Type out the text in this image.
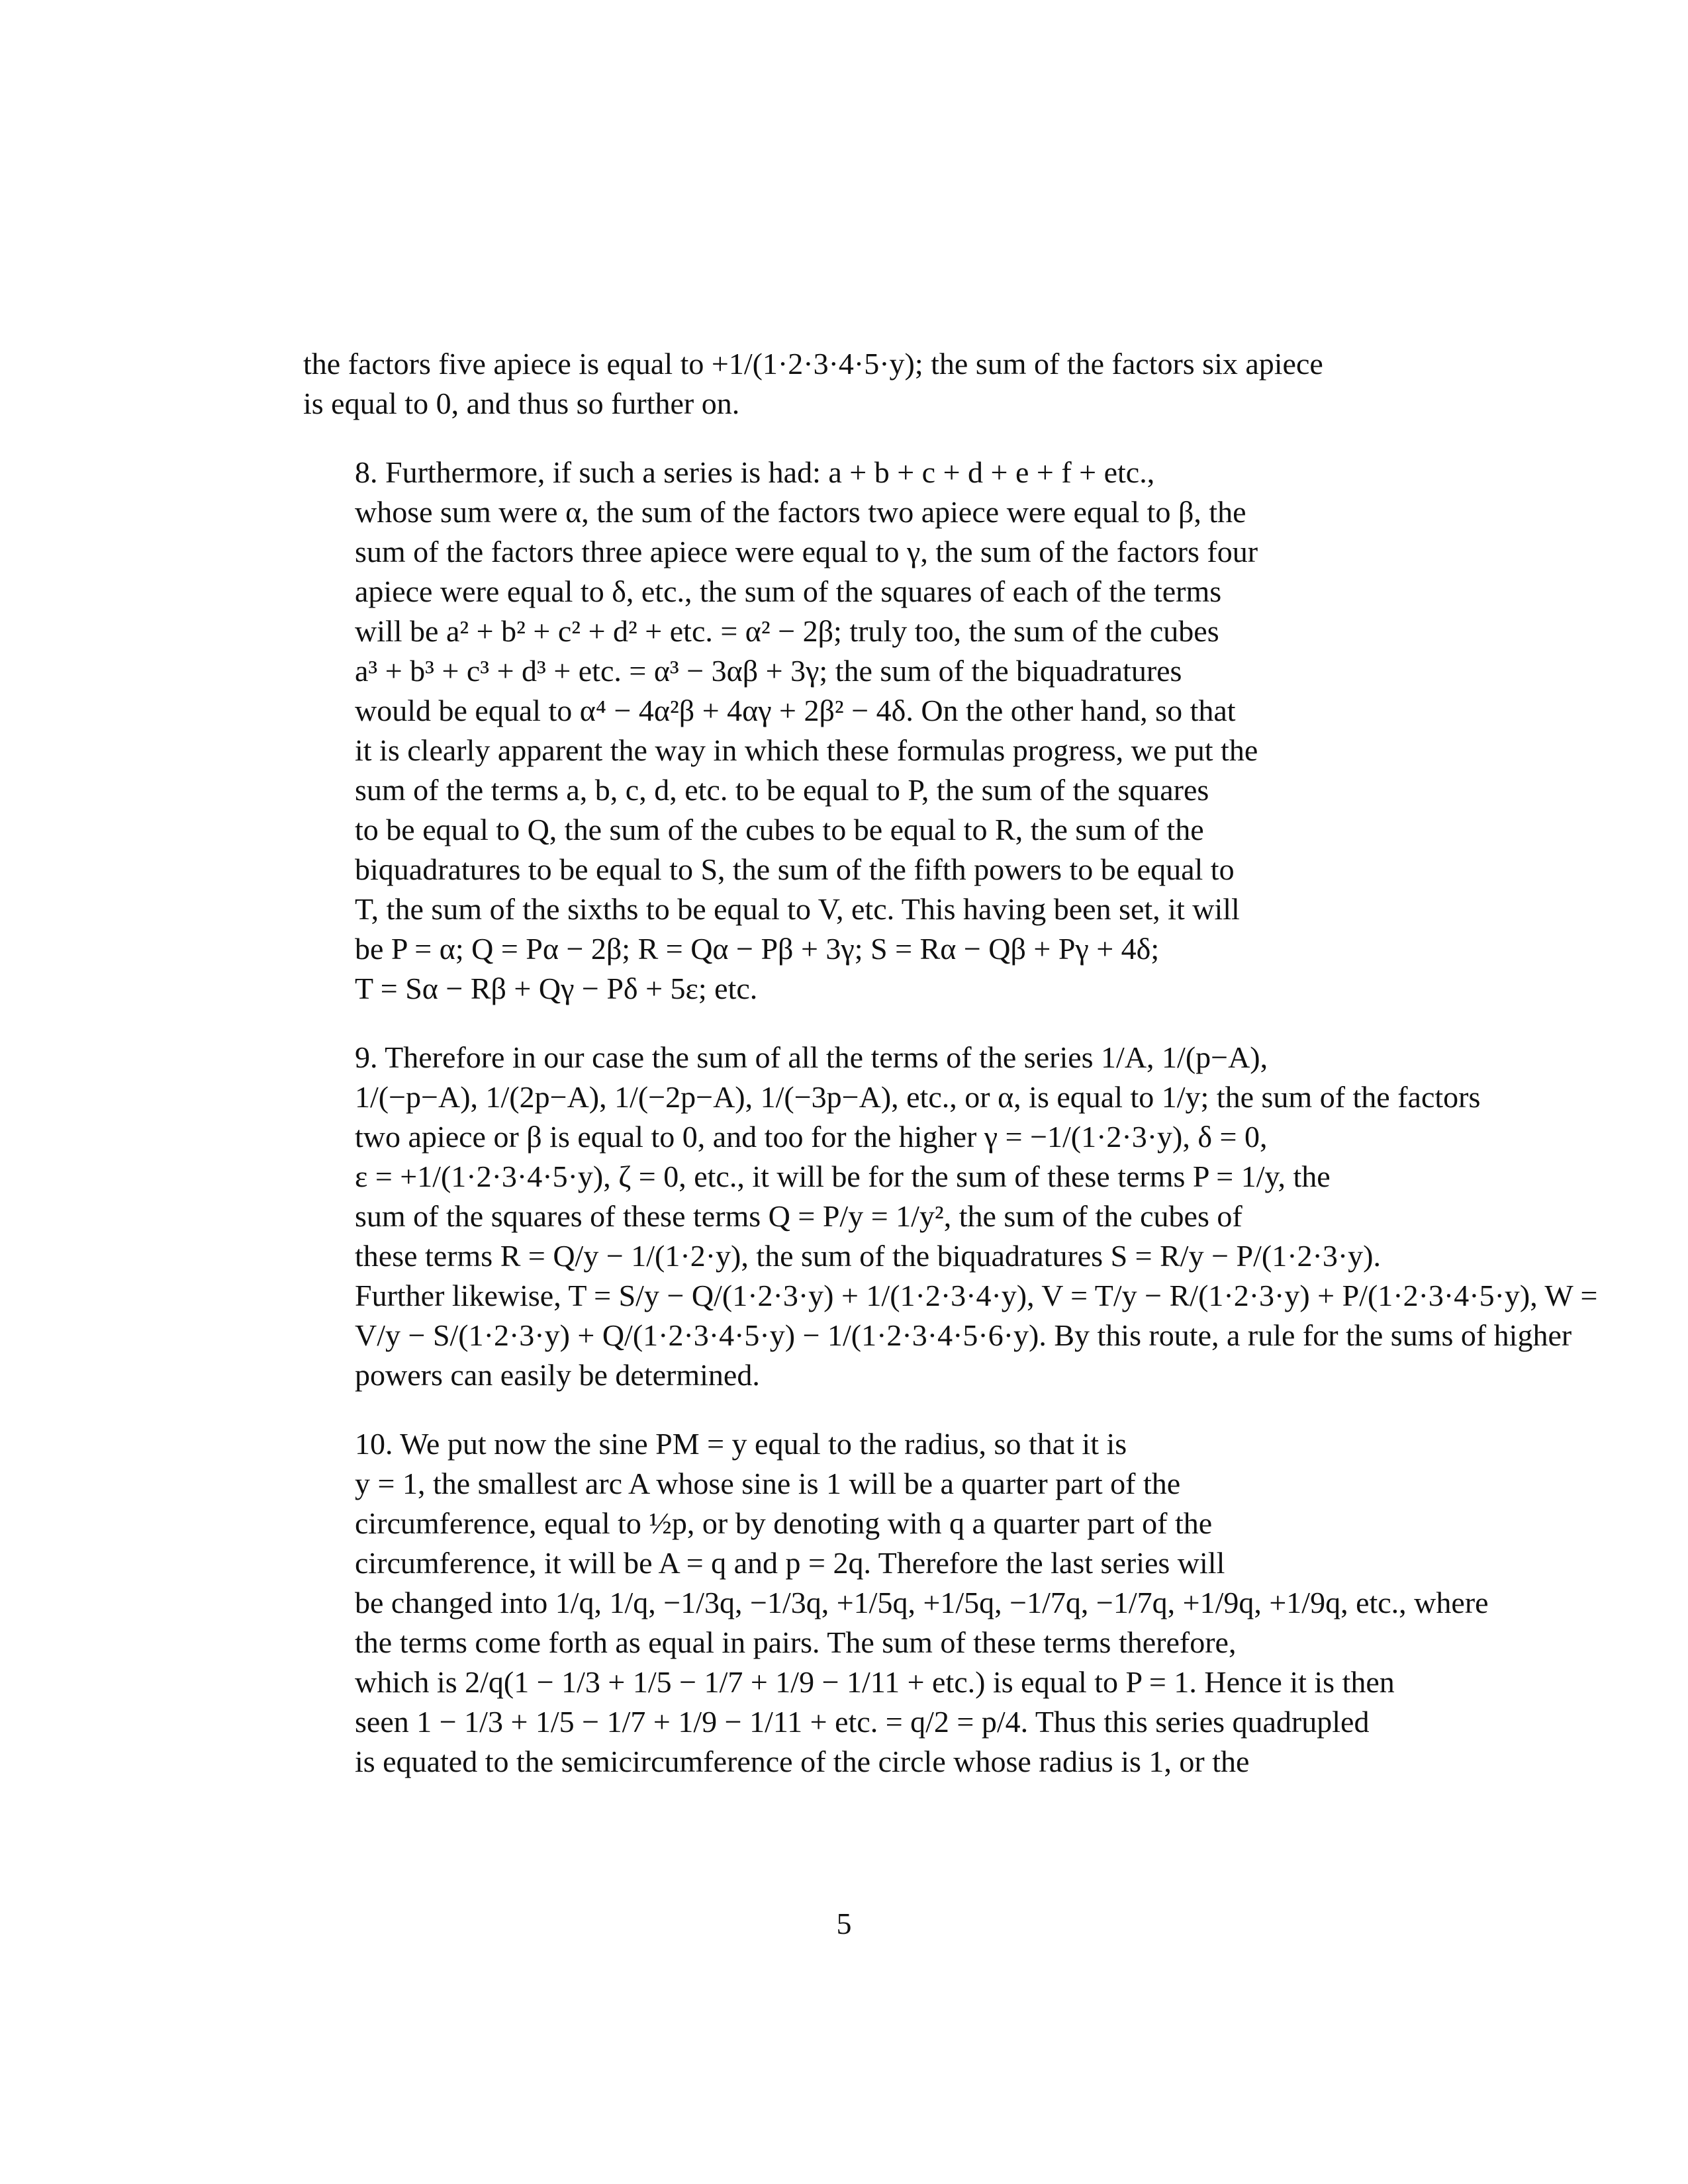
the factors five apiece is equal to +1/(1·2·3·4·5·y); the sum of the factors six apiece
is equal to 0, and thus so further on.

8. Furthermore, if such a series is had: a + b + c + d + e + f + etc.,
whose sum were α, the sum of the factors two apiece were equal to β, the
sum of the factors three apiece were equal to γ, the sum of the factors four
apiece were equal to δ, etc., the sum of the squares of each of the terms
will be a² + b² + c² + d² + etc. = α² − 2β; truly too, the sum of the cubes
a³ + b³ + c³ + d³ + etc. = α³ − 3αβ + 3γ; the sum of the biquadratures
would be equal to α⁴ − 4α²β + 4αγ + 2β² − 4δ. On the other hand, so that
it is clearly apparent the way in which these formulas progress, we put the
sum of the terms a, b, c, d, etc. to be equal to P, the sum of the squares
to be equal to Q, the sum of the cubes to be equal to R, the sum of the
biquadratures to be equal to S, the sum of the fifth powers to be equal to
T, the sum of the sixths to be equal to V, etc. This having been set, it will
be P = α; Q = Pα − 2β; R = Qα − Pβ + 3γ; S = Rα − Qβ + Pγ + 4δ;
T = Sα − Rβ + Qγ − Pδ + 5ε; etc.

9. Therefore in our case the sum of all the terms of the series 1/A, 1/(p−A),
1/(−p−A), 1/(2p−A), 1/(−2p−A), 1/(−3p−A), etc., or α, is equal to 1/y; the sum of the factors
two apiece or β is equal to 0, and too for the higher γ = −1/(1·2·3·y), δ = 0,
ε = +1/(1·2·3·4·5·y), ζ = 0, etc., it will be for the sum of these terms P = 1/y, the
sum of the squares of these terms Q = P/y = 1/y², the sum of the cubes of
these terms R = Q/y − 1/(1·2·y), the sum of the biquadratures S = R/y − P/(1·2·3·y).
Further likewise, T = S/y − Q/(1·2·3·y) + 1/(1·2·3·4·y), V = T/y − R/(1·2·3·y) + P/(1·2·3·4·5·y), W =
V/y − S/(1·2·3·y) + Q/(1·2·3·4·5·y) − 1/(1·2·3·4·5·6·y). By this route, a rule for the sums of higher
powers can easily be determined.

10. We put now the sine PM = y equal to the radius, so that it is
y = 1, the smallest arc A whose sine is 1 will be a quarter part of the
circumference, equal to ½p, or by denoting with q a quarter part of the
circumference, it will be A = q and p = 2q. Therefore the last series will
be changed into 1/q, 1/q, −1/3q, −1/3q, +1/5q, +1/5q, −1/7q, −1/7q, +1/9q, +1/9q, etc., where
the terms come forth as equal in pairs. The sum of these terms therefore,
which is 2/q(1 − 1/3 + 1/5 − 1/7 + 1/9 − 1/11 + etc.) is equal to P = 1. Hence it is then
seen 1 − 1/3 + 1/5 − 1/7 + 1/9 − 1/11 + etc. = q/2 = p/4. Thus this series quadrupled
is equated to the semicircumference of the circle whose radius is 1, or the

5
